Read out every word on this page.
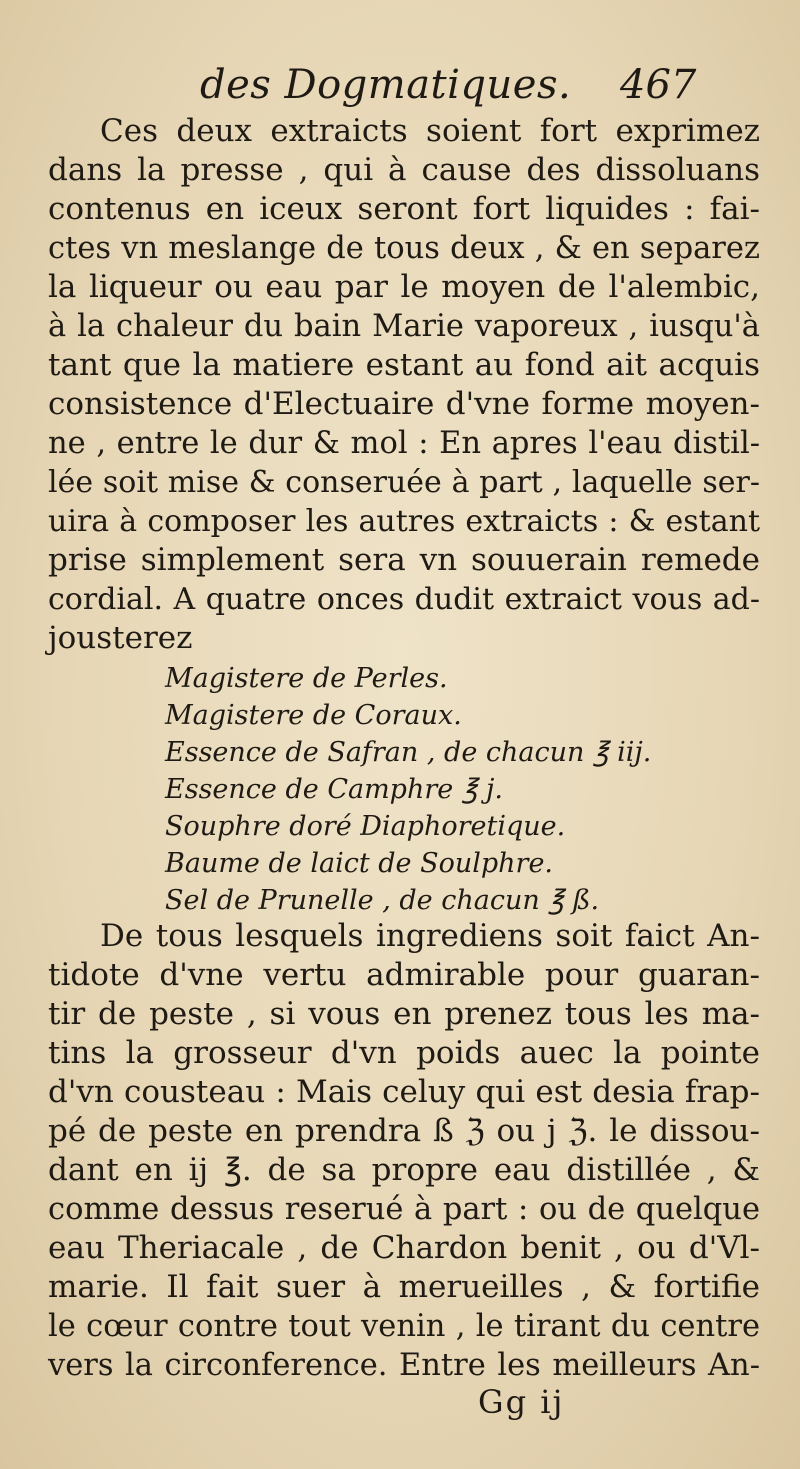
des Dogmatiques. 467
Ces deux extraicts soient fort exprimez
dans la presse , qui à cause des dissoluans
contenus en iceux seront fort liquides : fai-
ctes vn meslange de tous deux , & en separez
la liqueur ou eau par le moyen de l'alembic,
à la chaleur du bain Marie vaporeux , iusqu'à
tant que la matiere estant au fond ait acquis
consistence d'Electuaire d'vne forme moyen-
ne , entre le dur & mol : En apres l'eau distil-
lée soit mise & conseruée à part , laquelle ser-
uira à composer les autres extraicts : & estant
prise simplement sera vn souuerain remede
cordial. A quatre onces dudit extraict vous ad-
jousterez
Magistere de Perles.
Magistere de Coraux.
Essence de Safran , de chacun ℥ iij.
Essence de Camphre ℥ j.
Souphre doré Diaphoretique.
Baume de laict de Soulphre.
Sel de Prunelle , de chacun ℥ ß.
De tous lesquels ingrediens soit faict An-
tidote d'vne vertu admirable pour guaran-
tir de peste , si vous en prenez tous les ma-
tins la grosseur d'vn poids auec la pointe
d'vn cousteau : Mais celuy qui est desia frap-
pé de peste en prendra ß ℨ ou j ℨ. le dissou-
dant en ij ℥. de sa propre eau distillée , &
comme dessus reserué à part : ou de quelque
eau Theriacale , de Chardon benit , ou d'Vl-
marie. Il fait suer à merueilles , & fortifie
le cœur contre tout venin , le tirant du centre
vers la circonference. Entre les meilleurs An-
Gg ij
